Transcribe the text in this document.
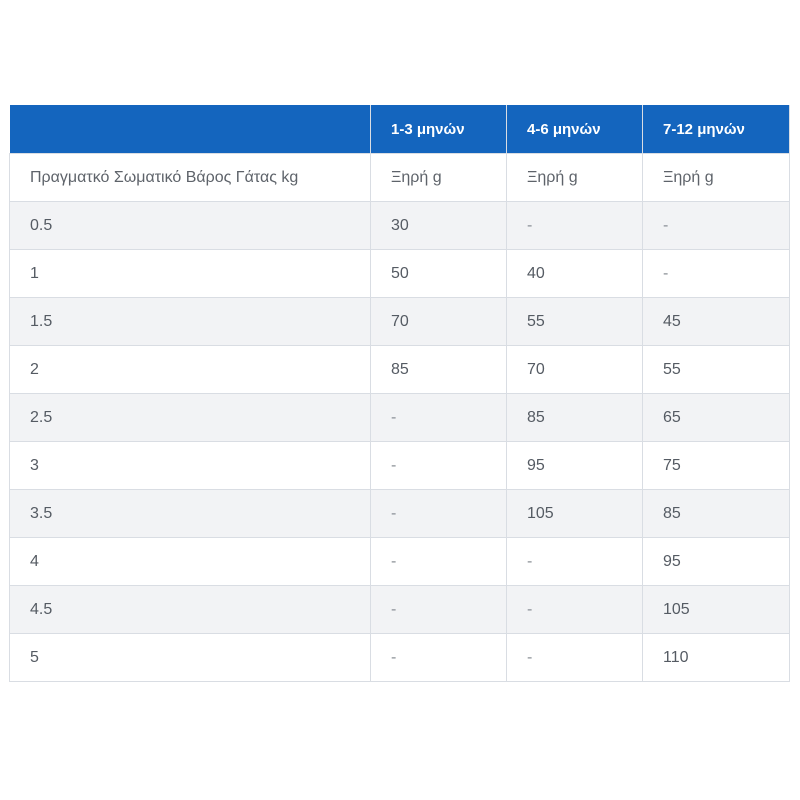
	1-3 μηνών	4-6 μηνών	7-12 μηνών
Πραγματκό Σωματικό Βάρος Γάτας kg	Ξηρή g	Ξηρή g	Ξηρή g
0.5	30	-	-
1	50	40	-
1.5	70	55	45
2	85	70	55
2.5	-	85	65
3	-	95	75
3.5	-	105	85
4	-	-	95
4.5	-	-	105
5	-	-	110
